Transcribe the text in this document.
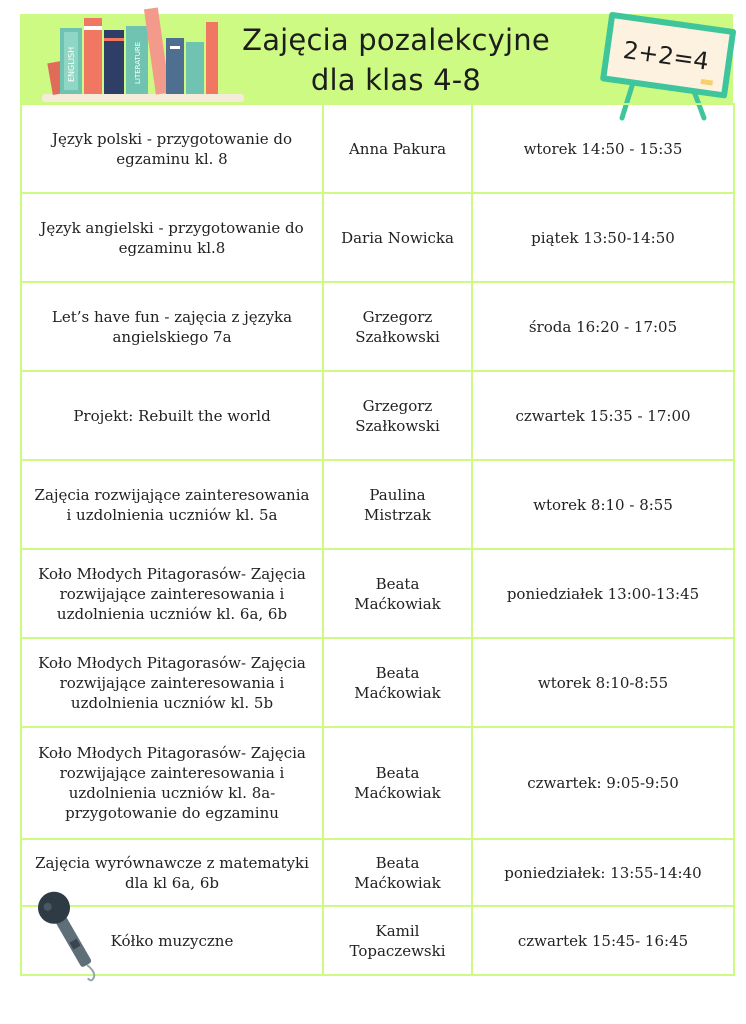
ENGLISH	LITERATURE
Zajęcia pozalekcyjne
dla klas 4-8
2+2=4
Język polski - przygotowanie do egzaminu kl. 8	Anna Pakura	wtorek 14:50 - 15:35
Język angielski - przygotowanie do egzaminu kl.8	Daria Nowicka	piątek 13:50-14:50
Let’s have fun - zajęcia z języka angielskiego 7a	Grzegorz Szałkowski	środa 16:20 - 17:05
Projekt: Rebuilt the world	Grzegorz Szałkowski	czwartek 15:35 - 17:00
Zajęcia rozwijające zainteresowania i uzdolnienia uczniów kl. 5a	Paulina Mistrzak	wtorek 8:10 - 8:55
Koło Młodych Pitagorasów- Zajęcia rozwijające zainteresowania i uzdolnienia uczniów kl. 6a, 6b	Beata Maćkowiak	poniedziałek 13:00-13:45
Koło Młodych Pitagorasów- Zajęcia rozwijające zainteresowania i uzdolnienia uczniów kl. 5b	Beata Maćkowiak	wtorek 8:10-8:55
Koło Młodych Pitagorasów- Zajęcia rozwijające zainteresowania i uzdolnienia uczniów kl. 8a- przygotowanie do egzaminu	Beata Maćkowiak	czwartek: 9:05-9:50
Zajęcia wyrównawcze z matematyki dla kl 6a, 6b	Beata Maćkowiak	poniedziałek: 13:55-14:40
Kółko muzyczne	Kamil Topaczewski	czwartek 15:45- 16:45
